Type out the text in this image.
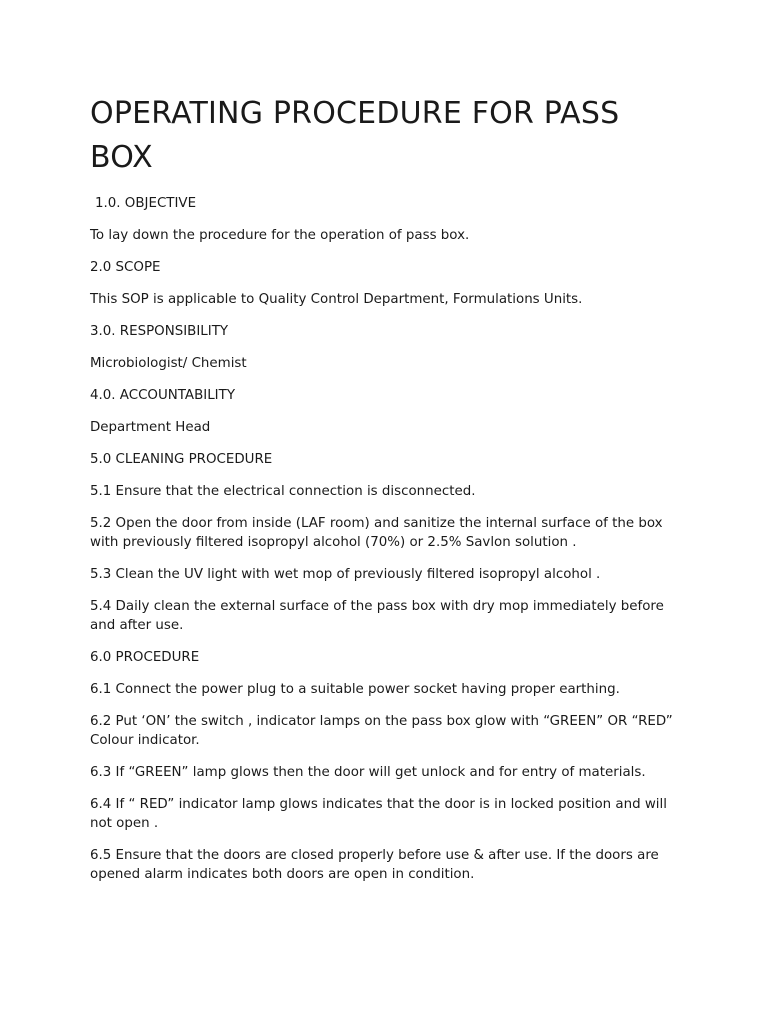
OPERATING PROCEDURE FOR PASS BOX

1.0. OBJECTIVE

To lay down the procedure for the operation of pass box.

2.0 SCOPE

This SOP is applicable to Quality Control Department, Formulations Units.

3.0. RESPONSIBILITY

Microbiologist/ Chemist

4.0. ACCOUNTABILITY

Department Head

5.0 CLEANING PROCEDURE

5.1 Ensure that the electrical connection is disconnected.

5.2 Open the door from inside (LAF room) and sanitize the internal surface of the box with previously filtered isopropyl alcohol (70%) or 2.5% Savlon solution .

5.3 Clean the UV light with wet mop of previously filtered isopropyl alcohol .

5.4 Daily clean the external surface of the pass box with dry mop immediately before and after use.

6.0 PROCEDURE

6.1 Connect the power plug to a suitable power socket having proper earthing.

6.2 Put ‘ON’ the switch , indicator lamps on the pass box glow with “GREEN” OR “RED” Colour indicator.

6.3 If “GREEN” lamp glows then the door will get unlock and for entry of materials.

6.4 If “ RED” indicator lamp glows indicates that the door is in locked position and will not open .

6.5 Ensure that the doors are closed properly before use & after use. If the doors are opened alarm indicates both doors are open in condition.
